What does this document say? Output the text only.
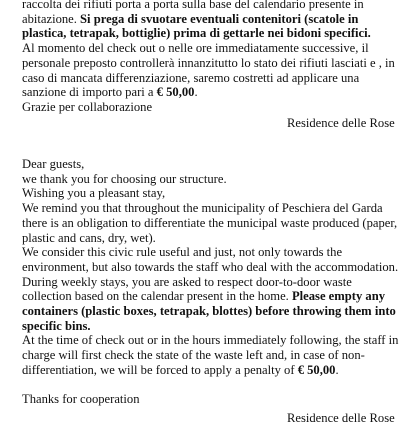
raccolta dei rifiuti porta a porta sulla base del calendario presente in abitazione. Si prega di svuotare eventuali contenitori (scatole in plastica, tetrapak, bottiglie) prima di gettarle nei bidoni specifici.

Al momento del check out o nelle ore immediatamente successive, il personale preposto controllerà innanzitutto lo stato dei rifiuti lasciati e , in caso di mancata differenziazione, saremo costretti ad applicare una sanzione di importo pari a € 50,00.

Grazie per collaborazione

Residence delle Rose

Dear guests,

we thank you for choosing our structure.

Wishing you a pleasant stay,

We remind you that throughout the municipality of Peschiera del Garda there is an obligation to differentiate the municipal waste produced (paper, plastic and cans, dry, wet).

We consider this civic rule useful and just, not only towards the environment, but also towards the staff who deal with the accommodation. During weekly stays, you are asked to respect door-to-door waste collection based on the calendar present in the home. Please empty any containers (plastic boxes, tetrapak, blottes) before throwing them into specific bins.

At the time of check out or in the hours immediately following, the staff in charge will first check the state of the waste left and, in case of non-differentiation, we will be forced to apply a penalty of € 50,00.

Thanks for cooperation

Residence delle Rose
